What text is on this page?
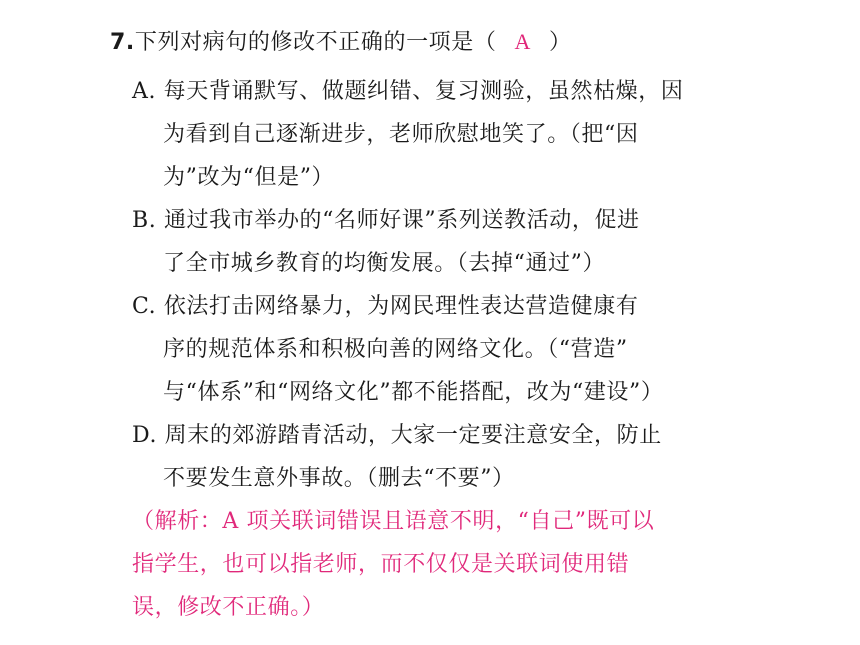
7.下列对病句的修改不正确的一项是（ A ）
A. 每天背诵默写、做题纠错、复习测验，虽然枯燥，因
为看到自己逐渐进步，老师欣慰地笑了。（把“因
为”改为“但是”）
B. 通过我市举办的“名师好课”系列送教活动，促进
了全市城乡教育的均衡发展。（去掉“通过”）
C. 依法打击网络暴力，为网民理性表达营造健康有
序的规范体系和积极向善的网络文化。（“营造”
与“体系”和“网络文化”都不能搭配，改为“建设”）
D. 周末的郊游踏青活动，大家一定要注意安全，防止
不要发生意外事故。（删去“不要”）
（解析：A 项关联词错误且语意不明，“自己”既可以
指学生，也可以指老师，而不仅仅是关联词使用错
误，修改不正确。）
